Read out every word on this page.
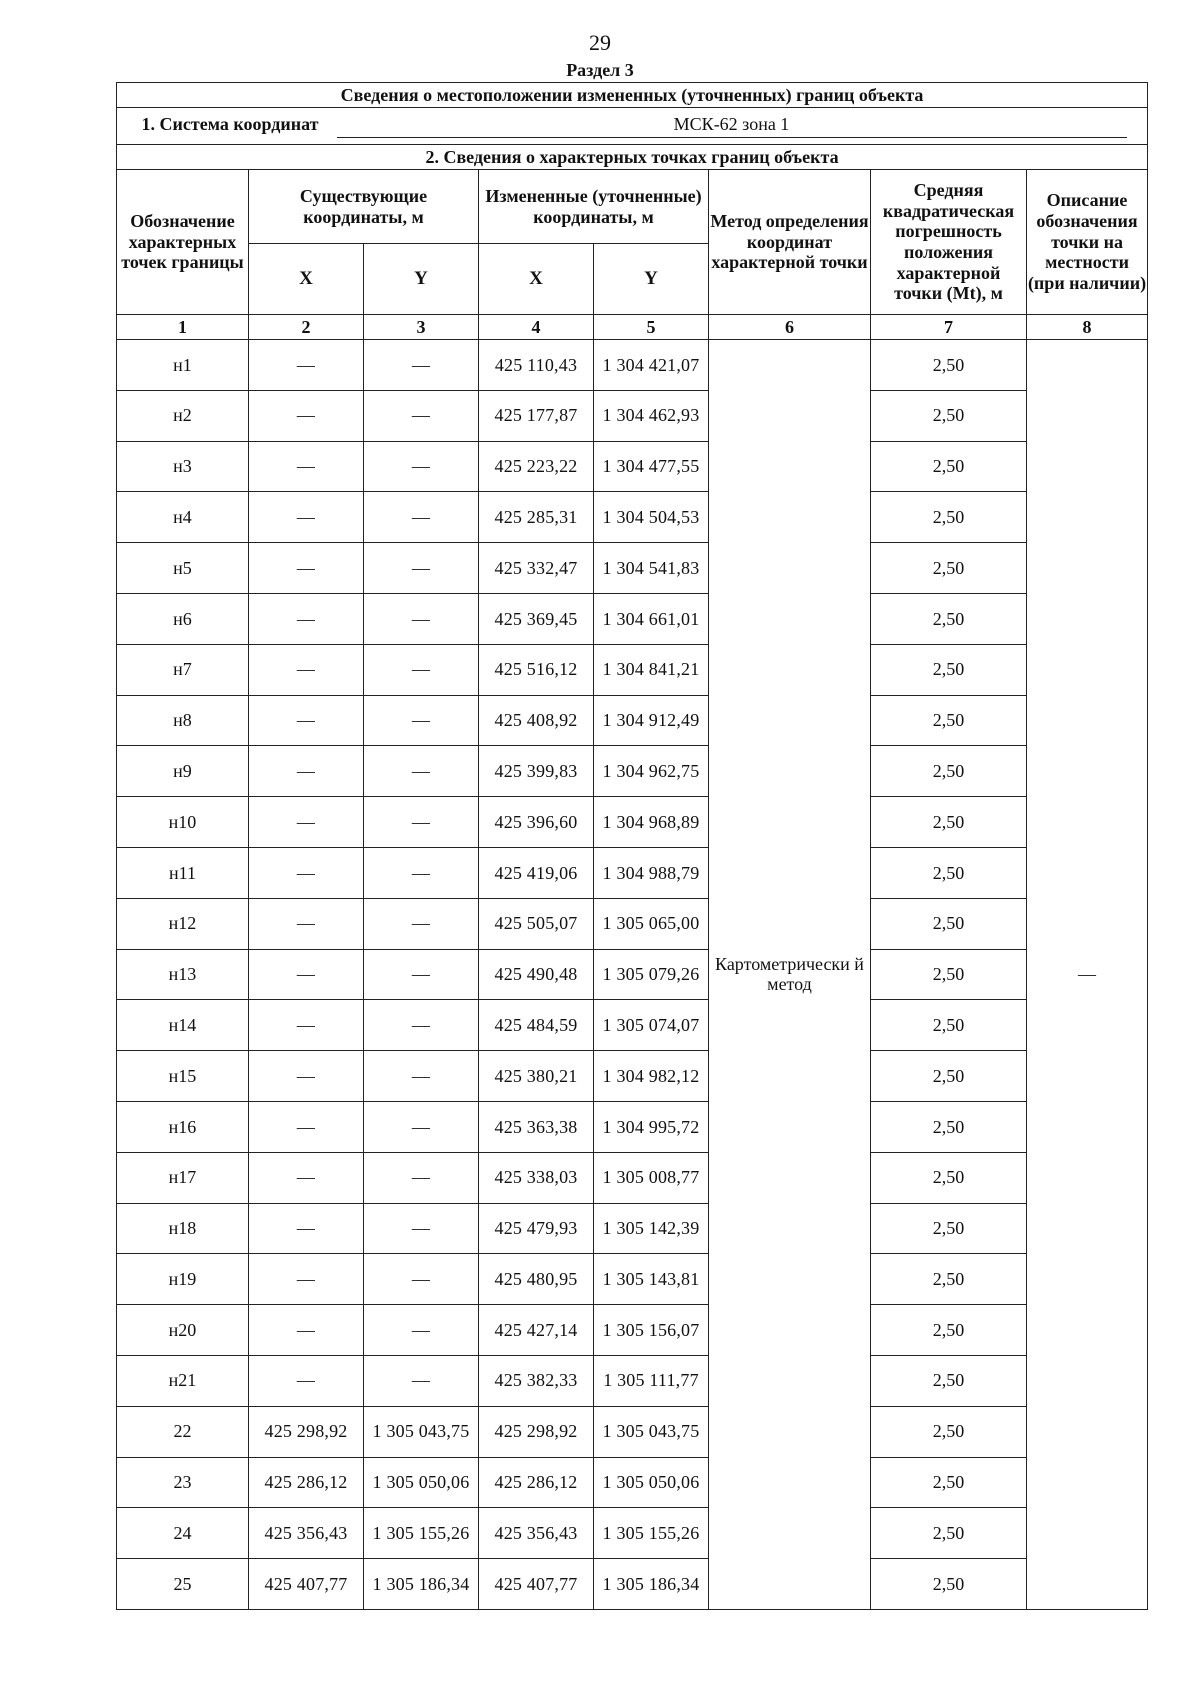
29
Раздел 3
Сведения о местоположении измененных (уточненных) границ объекта							
1. Система координат МСК-62 зона 1							
2. Сведения о характерных точках границ объекта							
Обозначение характерных точек границы	Существующие координаты, м		Измененные (уточненные) координаты, м		Метод определения координат характерной точки	Средняя квадратическая погрешность положения характерной точки (Mt), м	Описание обозначения точки на местности (при наличии)
	X	Y	X	Y			
1	2	3	4	5	6	7	8
н1	—	—	425 110,43	1 304 421,07	Картометрически й метод	2,50	—
н2	—	—	425 177,87	1 304 462,93		2,50	
н3	—	—	425 223,22	1 304 477,55		2,50	
н4	—	—	425 285,31	1 304 504,53		2,50	
н5	—	—	425 332,47	1 304 541,83		2,50	
н6	—	—	425 369,45	1 304 661,01		2,50	
н7	—	—	425 516,12	1 304 841,21		2,50	
н8	—	—	425 408,92	1 304 912,49		2,50	
н9	—	—	425 399,83	1 304 962,75		2,50	
н10	—	—	425 396,60	1 304 968,89		2,50	
н11	—	—	425 419,06	1 304 988,79		2,50	
н12	—	—	425 505,07	1 305 065,00		2,50	
н13	—	—	425 490,48	1 305 079,26		2,50	
н14	—	—	425 484,59	1 305 074,07		2,50	
н15	—	—	425 380,21	1 304 982,12		2,50	
н16	—	—	425 363,38	1 304 995,72		2,50	
н17	—	—	425 338,03	1 305 008,77		2,50	
н18	—	—	425 479,93	1 305 142,39		2,50	
н19	—	—	425 480,95	1 305 143,81		2,50	
н20	—	—	425 427,14	1 305 156,07		2,50	
н21	—	—	425 382,33	1 305 111,77		2,50	
22	425 298,92	1 305 043,75	425 298,92	1 305 043,75		2,50	
23	425 286,12	1 305 050,06	425 286,12	1 305 050,06		2,50	
24	425 356,43	1 305 155,26	425 356,43	1 305 155,26		2,50	
25	425 407,77	1 305 186,34	425 407,77	1 305 186,34		2,50	
